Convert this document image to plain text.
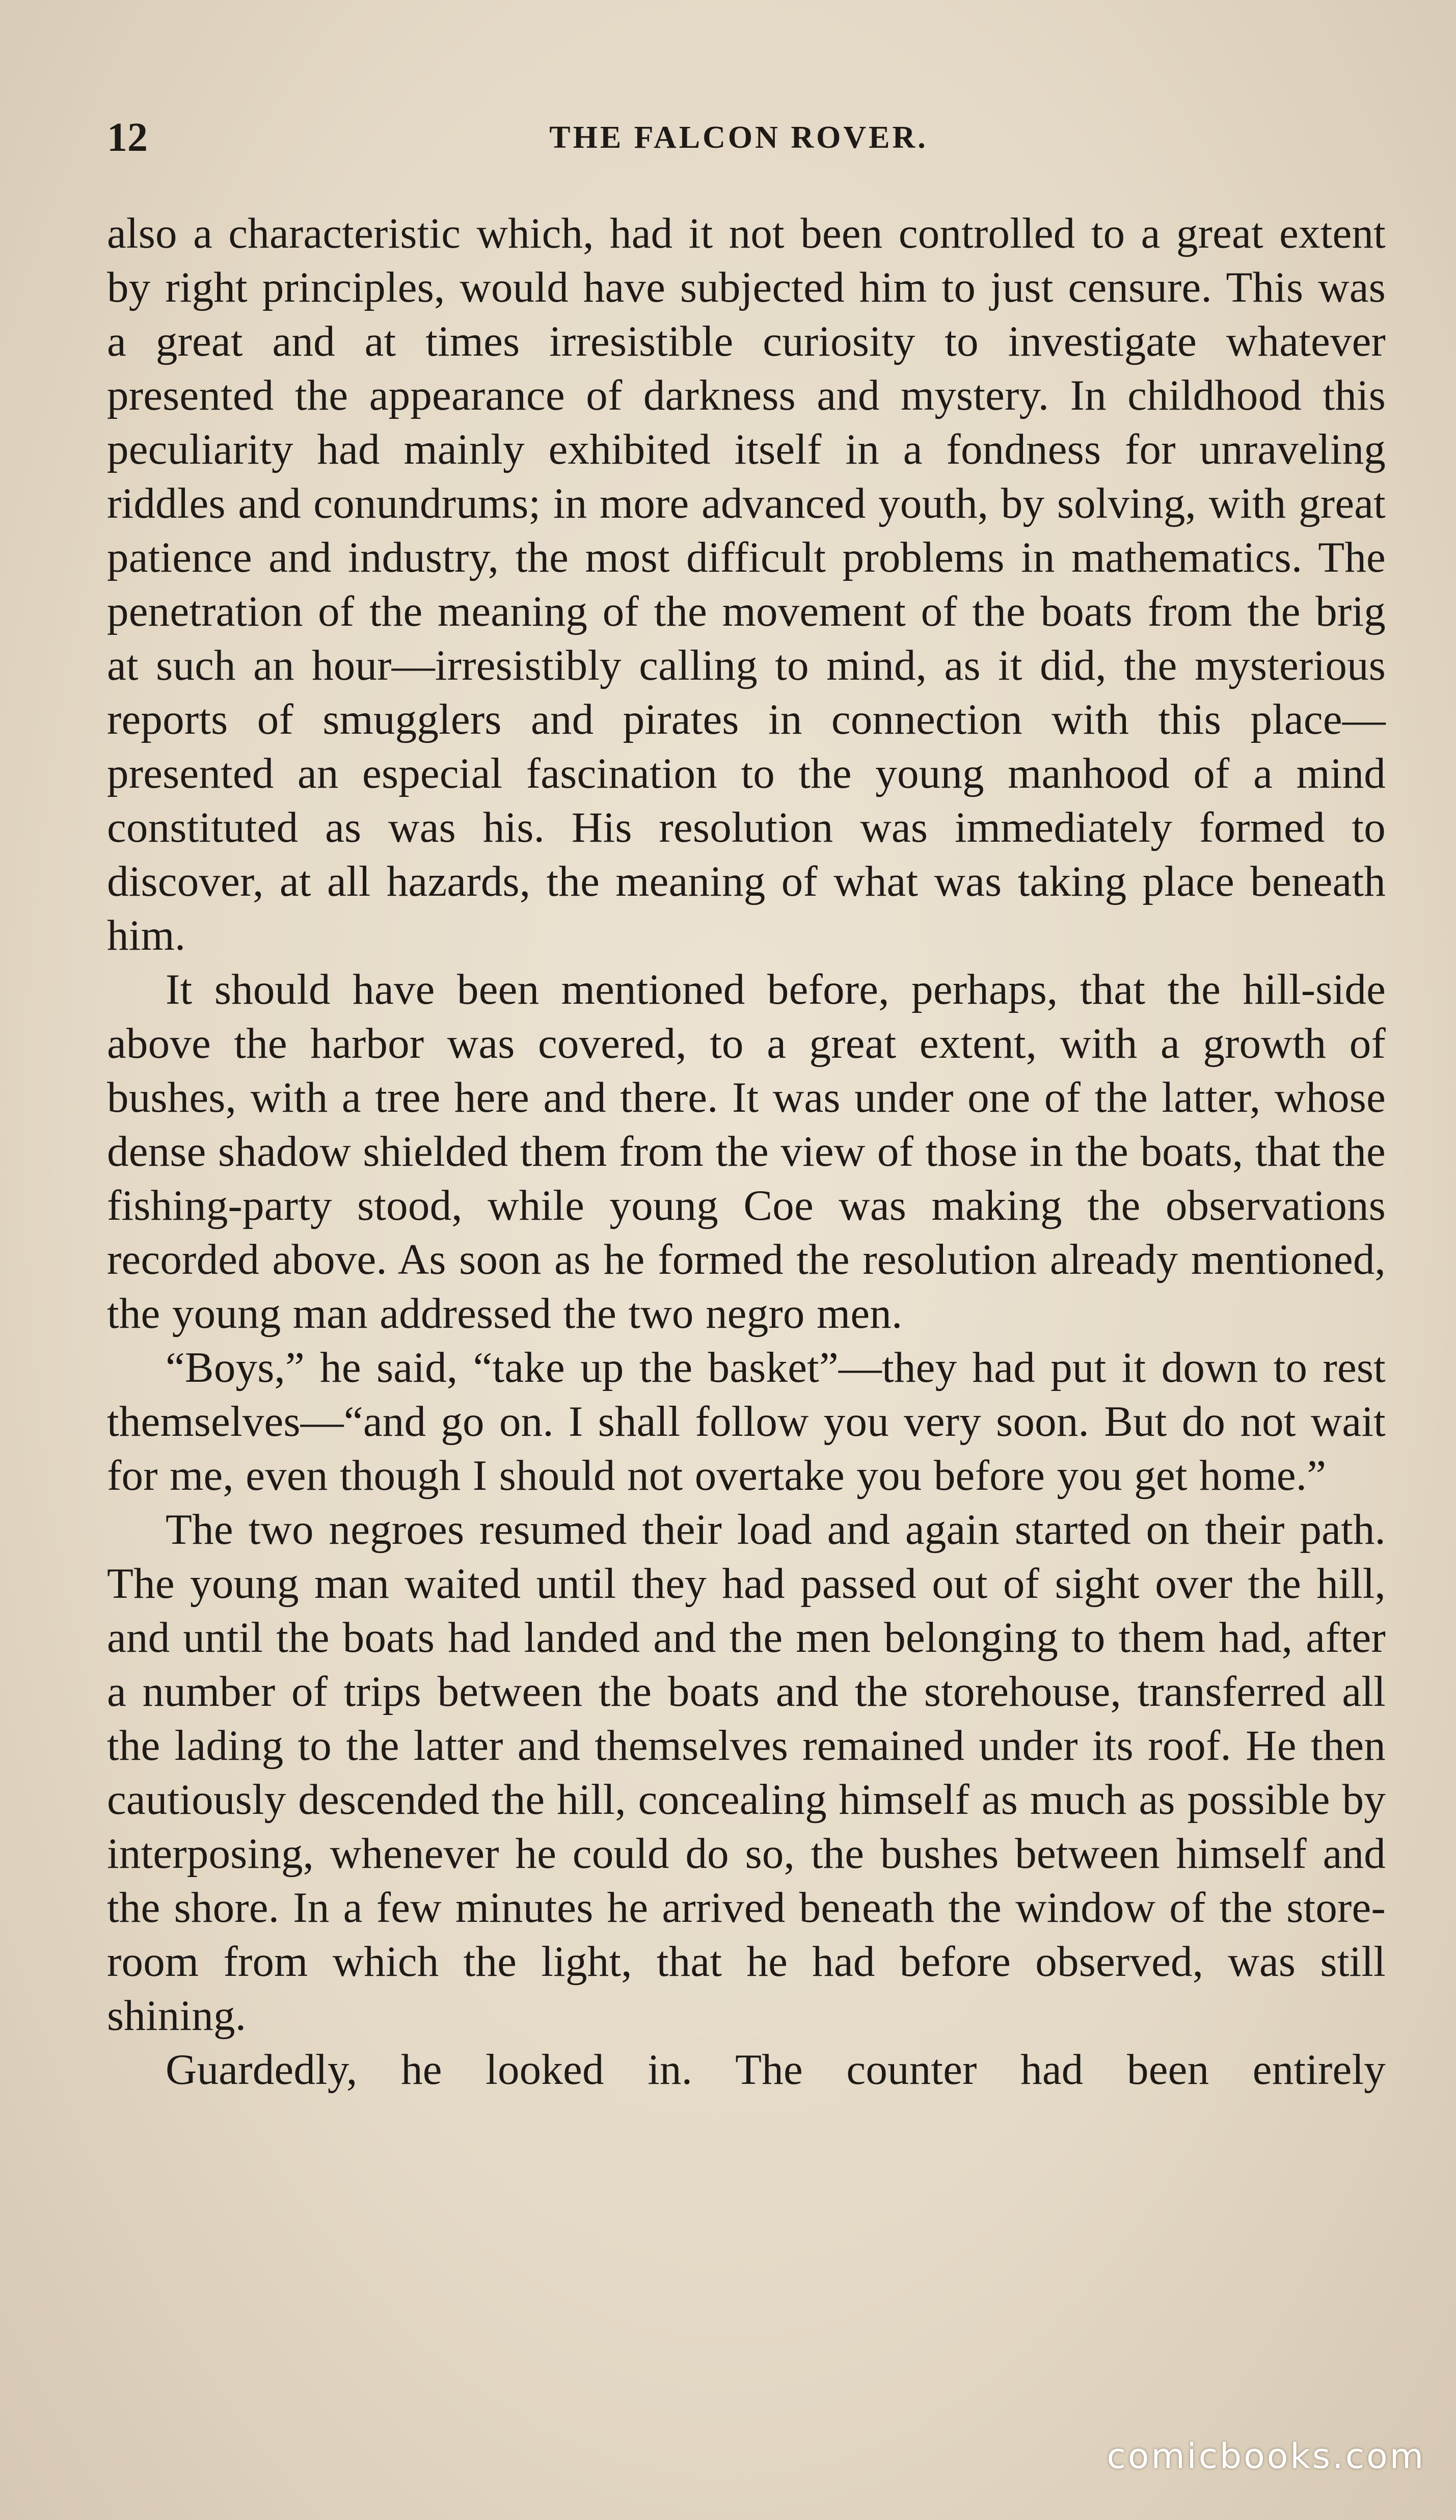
12	THE FALCON ROVER.

also a characteristic which, had it not been controlled to a great extent by right principles, would have subjected him to just censure. This was a great and at times irresistible curiosity to investigate whatever presented the appearance of darkness and mystery. In childhood this peculiarity had mainly exhibited itself in a fondness for unraveling riddles and conundrums; in more advanced youth, by solving, with great patience and industry, the most difficult problems in mathematics. The penetration of the meaning of the movement of the boats from the brig at such an hour—irresistibly calling to mind, as it did, the mysterious reports of smugglers and pirates in connection with this place—presented an especial fascination to the young manhood of a mind constituted as was his. His resolution was immediately formed to discover, at all hazards, the meaning of what was taking place beneath him.

It should have been mentioned before, perhaps, that the hill-side above the harbor was covered, to a great extent, with a growth of bushes, with a tree here and there. It was under one of the latter, whose dense shadow shielded them from the view of those in the boats, that the fishing-party stood, while young Coe was making the observations recorded above. As soon as he formed the resolution already mentioned, the young man addressed the two negro men.

“Boys,” he said, “take up the basket”—they had put it down to rest themselves—“and go on. I shall follow you very soon. But do not wait for me, even though I should not overtake you before you get home.”

The two negroes resumed their load and again started on their path. The young man waited until they had passed out of sight over the hill, and until the boats had landed and the men belonging to them had, after a number of trips between the boats and the storehouse, transferred all the lading to the latter and themselves remained under its roof. He then cautiously descended the hill, concealing himself as much as possible by interposing, whenever he could do so, the bushes between himself and the shore. In a few minutes he arrived beneath the window of the store-room from which the light, that he had before observed, was still shining.

Guardedly, he looked in. The counter had been entirely

comicbooks.com
